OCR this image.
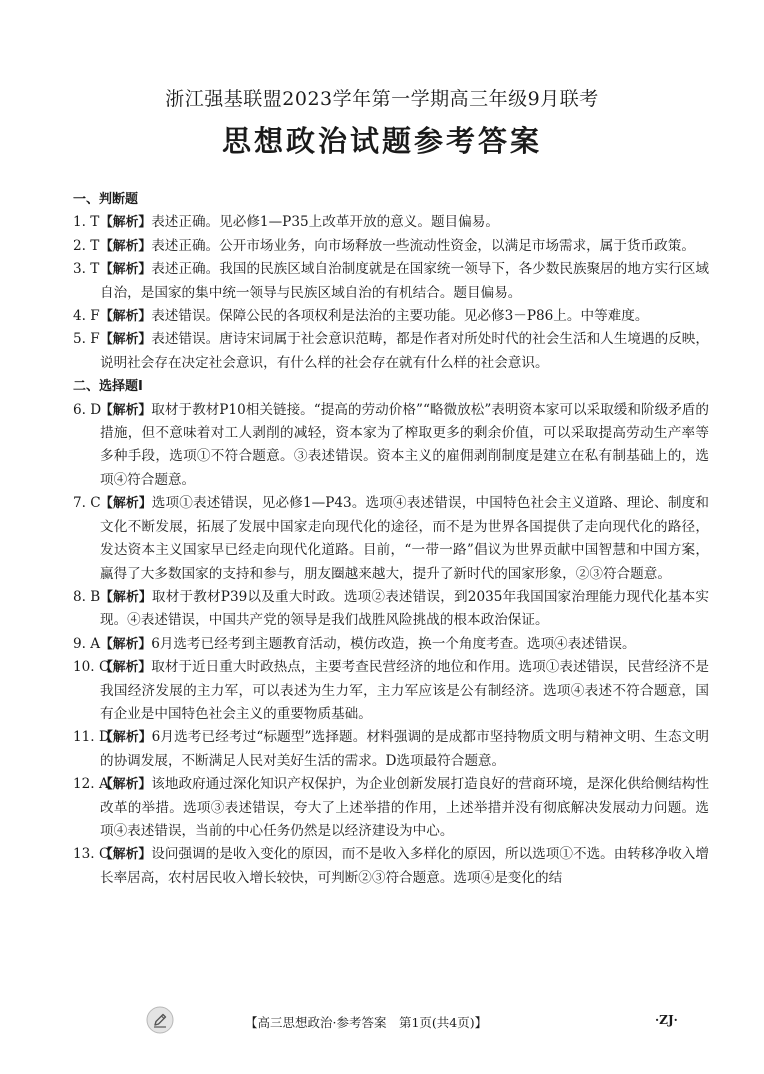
浙江强基联盟2023学年第一学期高三年级9月联考
思想政治试题参考答案

一、判断题

1. T 【解析】表述正确。见必修1—P35上改革开放的意义。题目偏易。

2. T 【解析】表述正确。公开市场业务，向市场释放一些流动性资金，以满足市场需求，属于货币政策。

3. T 【解析】表述正确。我国的民族区域自治制度就是在国家统一领导下，各少数民族聚居的地方实行区域自治，是国家的集中统一领导与民族区域自治的有机结合。题目偏易。

4. F 【解析】表述错误。保障公民的各项权利是法治的主要功能。见必修3－P86上。中等难度。

5. F 【解析】表述错误。唐诗宋词属于社会意识范畴，都是作者对所处时代的社会生活和人生境遇的反映，说明社会存在决定社会意识，有什么样的社会存在就有什么样的社会意识。

二、选择题Ⅰ

6. D
【解析】取材于教材P10相关链接。“提高的劳动价格”“略微放松”表明资本家可以采取缓和阶级矛盾的措施，但不意味着对工人剥削的减轻，资本家为了榨取更多的剩余价值，可以采取提高劳动生产率等多种手段，选项①不符合题意。③表述错误。资本主义的雇佣剥削制度是建立在私有制基础上的，选项④符合题意。

7. C 【解析】选项①表述错误，见必修1—P43。选项④表述错误，中国特色社会主义道路、理论、制度和文化不断发展，拓展了发展中国家走向现代化的途径，而不是为世界各国提供了走向现代化的路径，发达资本主义国家早已经走向现代化道路。目前，“一带一路”倡议为世界贡献中国智慧和中国方案，赢得了大多数国家的支持和参与，朋友圈越来越大，提升了新时代的国家形象，②③符合题意。

8. B 【解析】取材于教材P39以及重大时政。选项②表述错误，到2035年我国国家治理能力现代化基本实现。④表述错误，中国共产党的领导是我们战胜风险挑战的根本政治保证。

9. A 【解析】6月选考已经考到主题教育活动，模仿改造，换一个角度考查。选项④表述错误。

10. C
【解析】取材于近日重大时政热点，主要考查民营经济的地位和作用。选项①表述错误，民营经济不是我国经济发展的主力军，可以表述为生力军，主力军应该是公有制经济。选项④表述不符合题意，国有企业是中国特色社会主义的重要物质基础。

11. D
【解析】6月选考已经考过“标题型”选择题。材料强调的是成都市坚持物质文明与精神文明、生态文明的协调发展，不断满足人民对美好生活的需求。D选项最符合题意。

12. A
【解析】该地政府通过深化知识产权保护，为企业创新发展打造良好的营商环境，是深化供给侧结构性改革的举措。选项③表述错误，夸大了上述举措的作用，上述举措并没有彻底解决发展动力问题。选项④表述错误，当前的中心任务仍然是以经济建设为中心。

13. C
【解析】设问强调的是收入变化的原因，而不是收入多样化的原因，所以选项①不选。由转移净收入增长率居高，农村居民收入增长较快，可判断②③符合题意。选项④是变化的结

【高三思想政治·参考答案　第1页(共4页)】	·ZJ·
